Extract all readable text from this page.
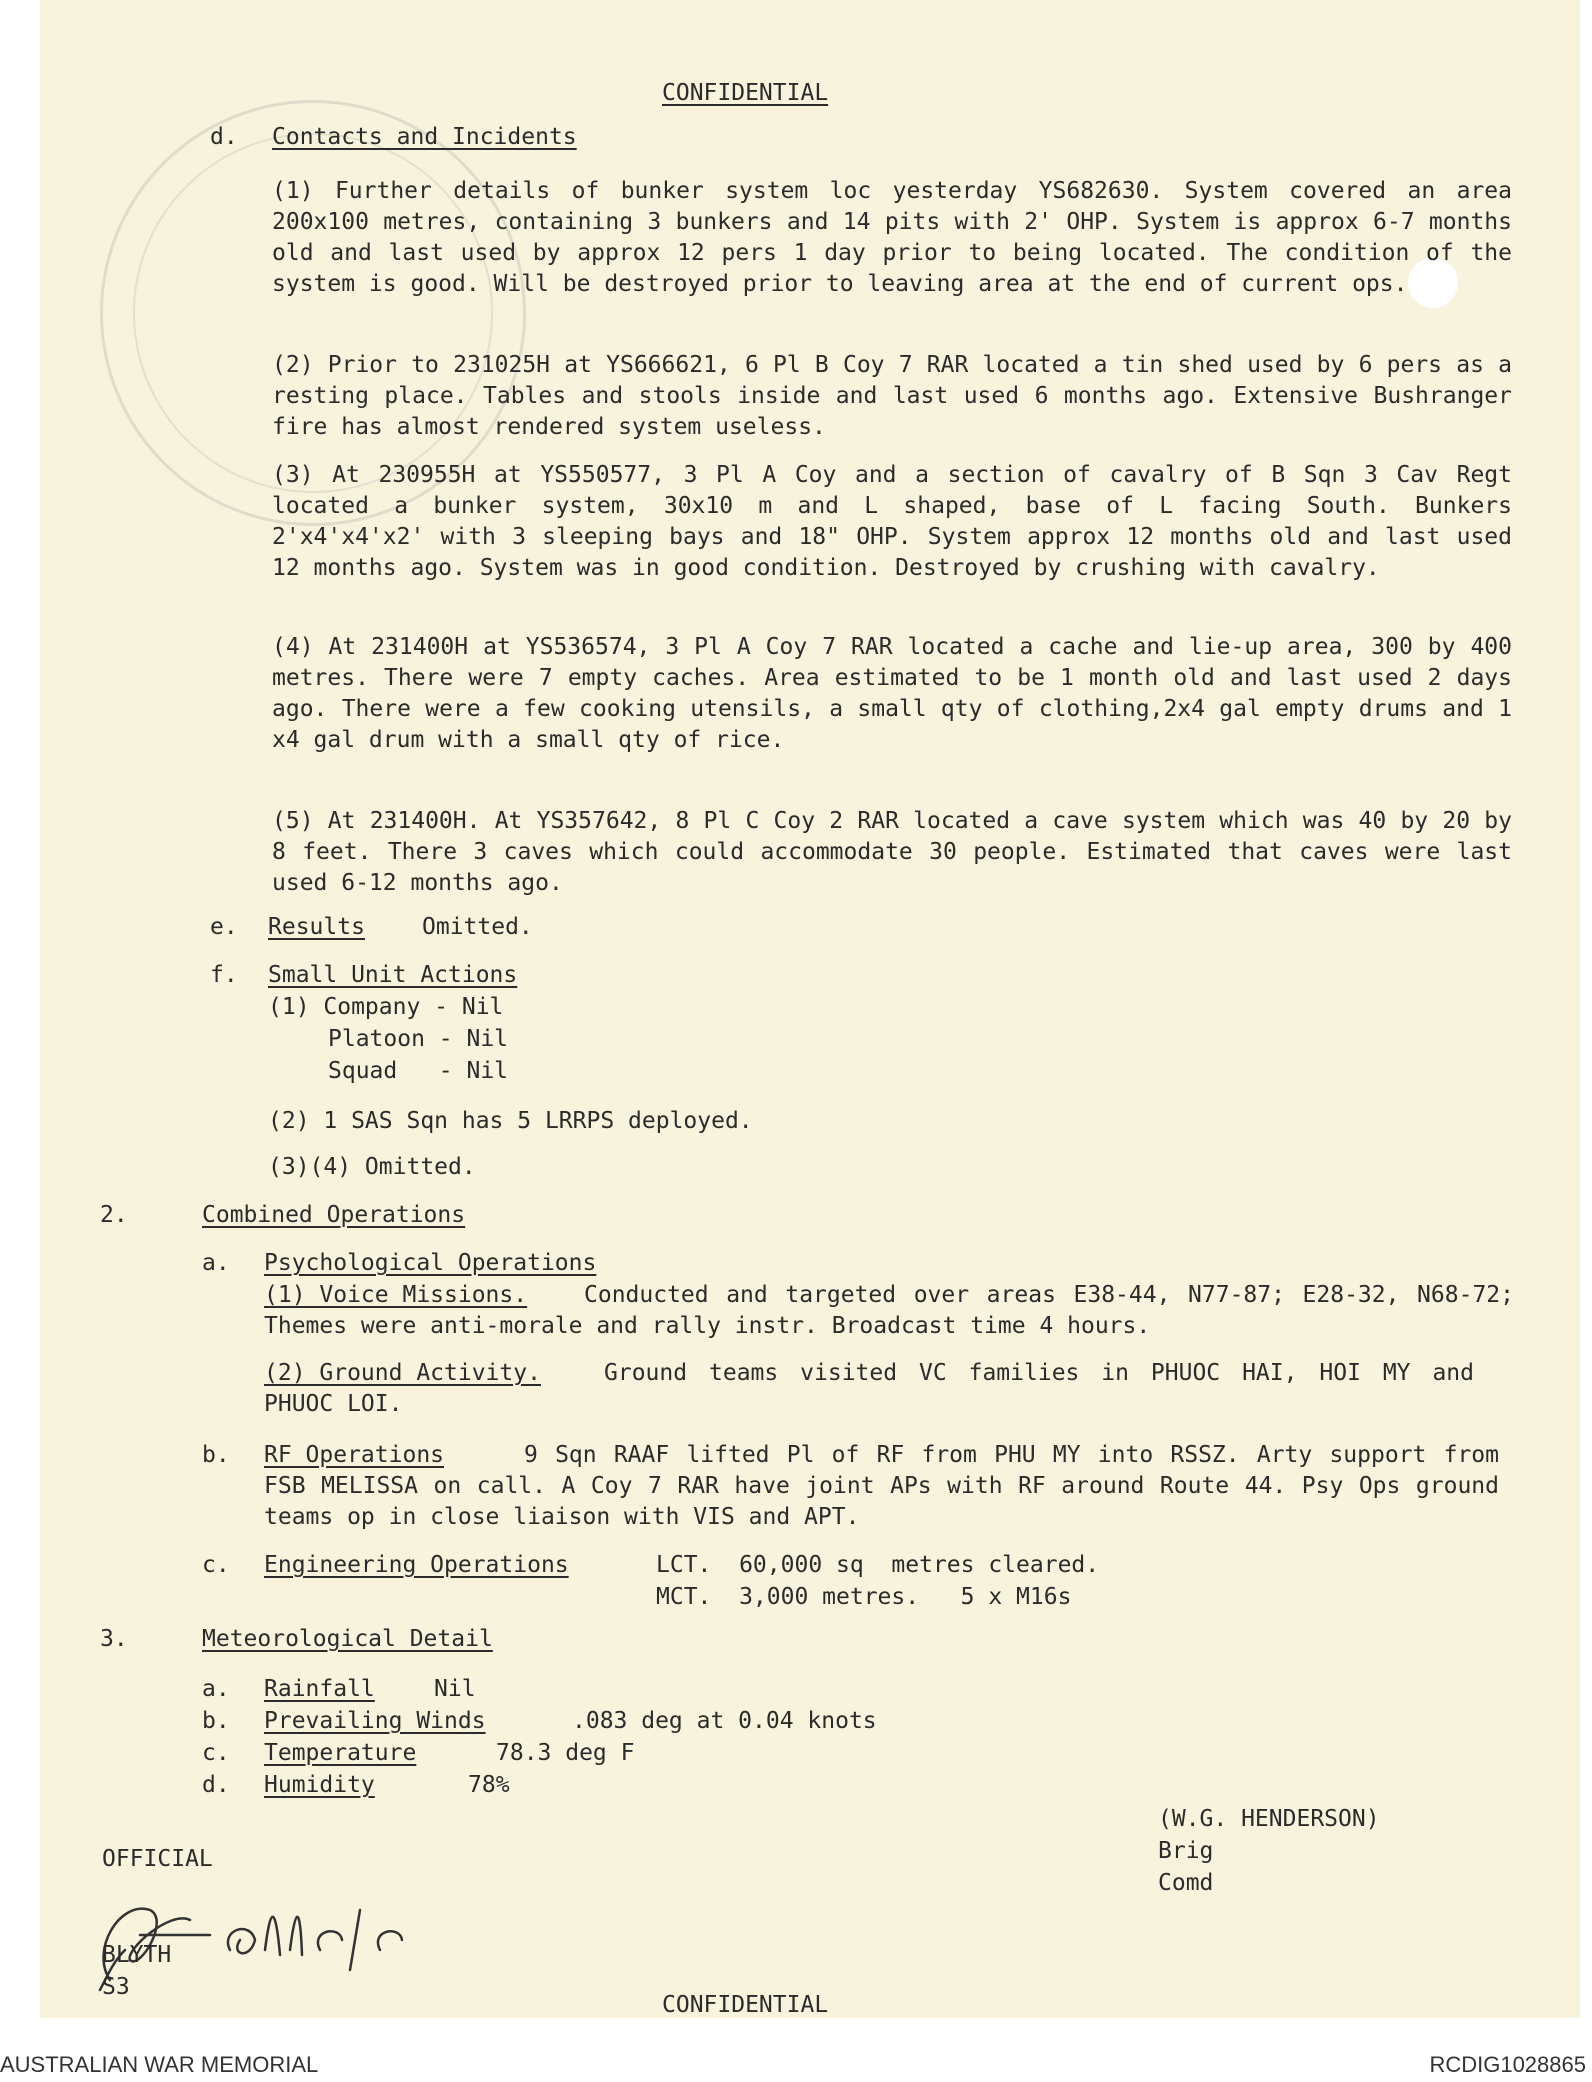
CONFIDENTIAL
d. Contacts and Incidents
(1) Further details of bunker system loc yesterday YS682630. System covered an area 200x100 metres, containing 3 bunkers and 14 pits with 2' OHP. System is approx 6-7 months old and last used by approx 12 pers 1 day prior to being located. The condition of the system is good. Will be destroyed prior to leaving area at the end of current ops.
(2) Prior to 231025H at YS666621, 6 Pl B Coy 7 RAR located a tin shed used by 6 pers as a resting place. Tables and stools inside and last used 6 months ago. Extensive Bushranger fire has almost rendered system useless.
(3) At 230955H at YS550577, 3 Pl A Coy and a section of cavalry of B Sqn 3 Cav Regt located a bunker system, 30x10 m and L shaped, base of L facing South. Bunkers 2'x4'x4'x2' with 3 sleeping bays and 18" OHP. System approx 12 months old and last used 12 months ago. System was in good condition. Destroyed by crushing with cavalry.
(4) At 231400H at YS536574, 3 Pl A Coy 7 RAR located a cache and lie-up area, 300 by 400 metres. There were 7 empty caches. Area estimated to be 1 month old and last used 2 days ago. There were a few cooking utensils, a small qty of clothing,2x4 gal empty drums and 1 x4 gal drum with a small qty of rice.
(5) At 231400H. At YS357642, 8 Pl C Coy 2 RAR located a cave system which was 40 by 20 by 8 feet. There 3 caves which could accommodate 30 people. Estimated that caves were last used 6-12 months ago.
e. Results Omitted.
f. Small Unit Actions
(1) Company - Nil
Platoon - Nil
Squad   - Nil
(2) 1 SAS Sqn has 5 LRRPS deployed.
(3)(4) Omitted.
2.	Combined Operations
a. Psychological Operations
(1) Voice Missions.	Conducted and targeted over areas E38-44, N77-87; E28-32, N68-72; Themes were anti-morale and rally instr. Broadcast time 4 hours.
(2) Ground Activity.	Ground teams visited VC families in PHUOC HAI, HOI MY and PHUOC LOI.
b. RF Operations	9 Sqn RAAF lifted Pl of RF from PHU MY into RSSZ. Arty support from FSB MELISSA on call. A Coy 7 RAR have joint APs with RF around Route 44. Psy Ops ground teams op in close liaison with VIS and APT.
c. Engineering Operations	LCT.  60,000 sq  metres cleared.
MCT.  3,000 metres.   5 x M16s
3.	Meteorological Detail
a. Rainfall	Nil
b. Prevailing Winds	.083 deg at 0.04 knots
c. Temperature	78.3 deg F
d. Humidity	78%
(W.G. HENDERSON)
Brig
Comd
OFFICIAL
BLYTH
S3
CONFIDENTIAL
AUSTRALIAN WAR MEMORIAL	RCDIG1028865
